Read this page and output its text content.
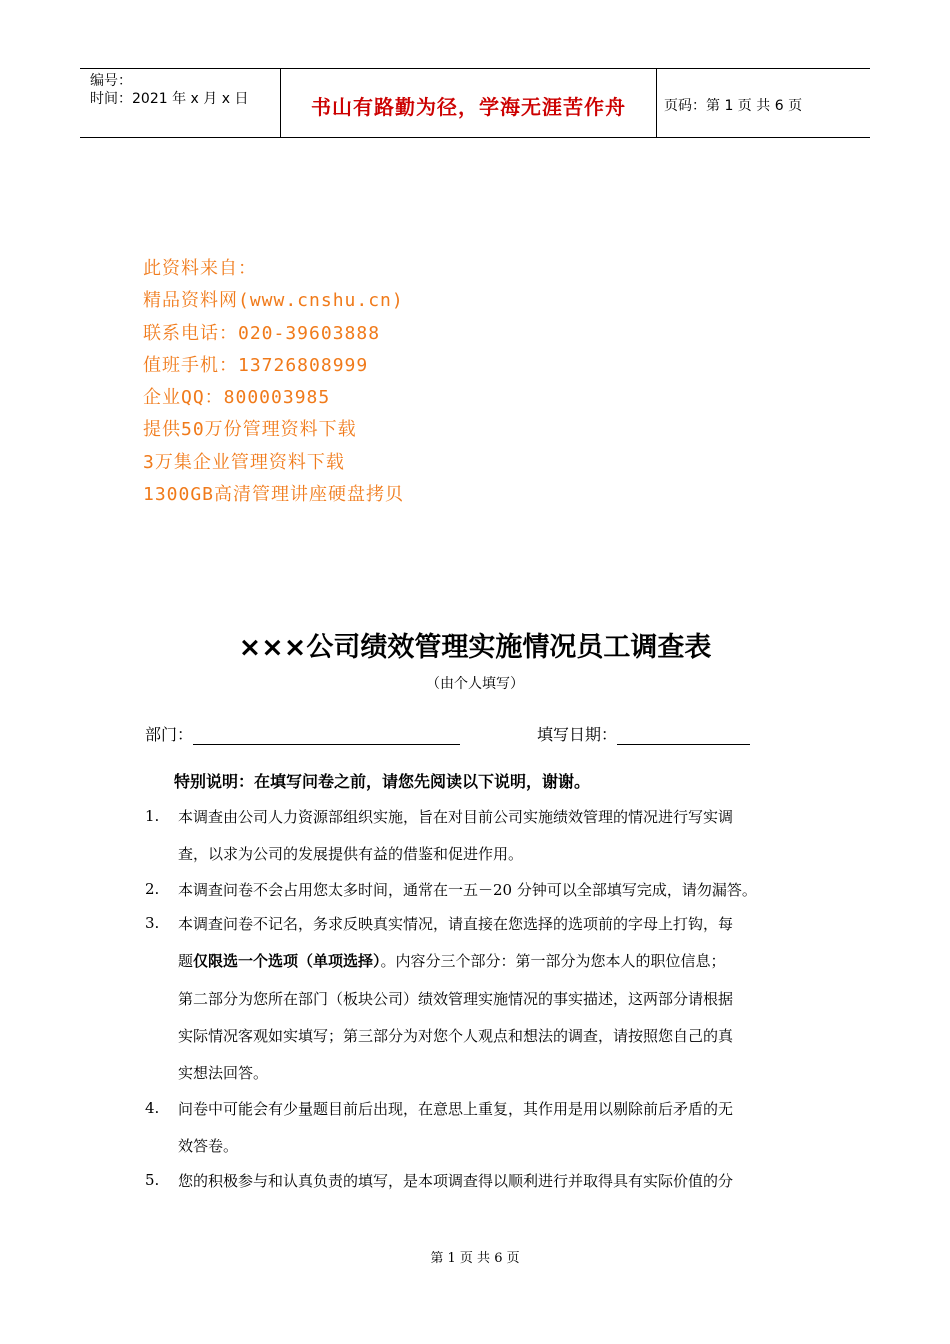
编号：
时间：2021 年 x 月 x 日	书山有路勤为径，学海无涯苦作舟	页码：第 1 页 共 6 页
此资料来自：
精品资料网(www.cnshu.cn)
联系电话：020-39603888
值班手机：13726808999
企业QQ：800003985
提供50万份管理资料下载
3万集企业管理资料下载
1300GB高清管理讲座硬盘拷贝
×××公司绩效管理实施情况员工调查表
（由个人填写）
部门：	填写日期：
特别说明：在填写问卷之前，请您先阅读以下说明，谢谢。
1.	本调查由公司人力资源部组织实施，旨在对目前公司实施绩效管理的情况进行写实调
查，以求为公司的发展提供有益的借鉴和促进作用。
2.	本调查问卷不会占用您太多时间，通常在一五－20 分钟可以全部填写完成，请勿漏答。
3.	本调查问卷不记名，务求反映真实情况，请直接在您选择的选项前的字母上打钩，每
题仅限选一个选项（单项选择）。内容分三个部分：第一部分为您本人的职位信息；
第二部分为您所在部门（板块公司）绩效管理实施情况的事实描述，这两部分请根据
实际情况客观如实填写；第三部分为对您个人观点和想法的调查，请按照您自己的真
实想法回答。
4.	问卷中可能会有少量题目前后出现，在意思上重复，其作用是用以剔除前后矛盾的无
效答卷。
5.	您的积极参与和认真负责的填写，是本项调查得以顺利进行并取得具有实际价值的分
第 1 页 共 6 页
